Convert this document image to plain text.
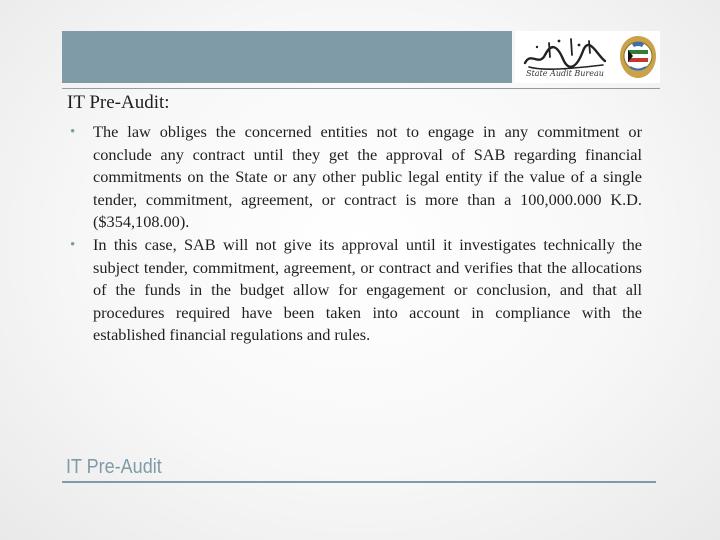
State Audit Bureau
IT Pre-Audit:
• The law obliges the concerned entities not to engage in any commitment or conclude any contract until they get the approval of SAB regarding financial commitments on the State or any other public legal entity if the value of a single tender, commitment, agreement, or contract is more than a 100,000.000 K.D. ($354,108.00).
• In this case, SAB will not give its approval until it investigates technically the subject tender, commitment, agreement, or contract and verifies that the allocations of the funds in the budget allow for engagement or conclusion, and that all procedures required have been taken into account in compliance with the established financial regulations and rules.
IT Pre-Audit
